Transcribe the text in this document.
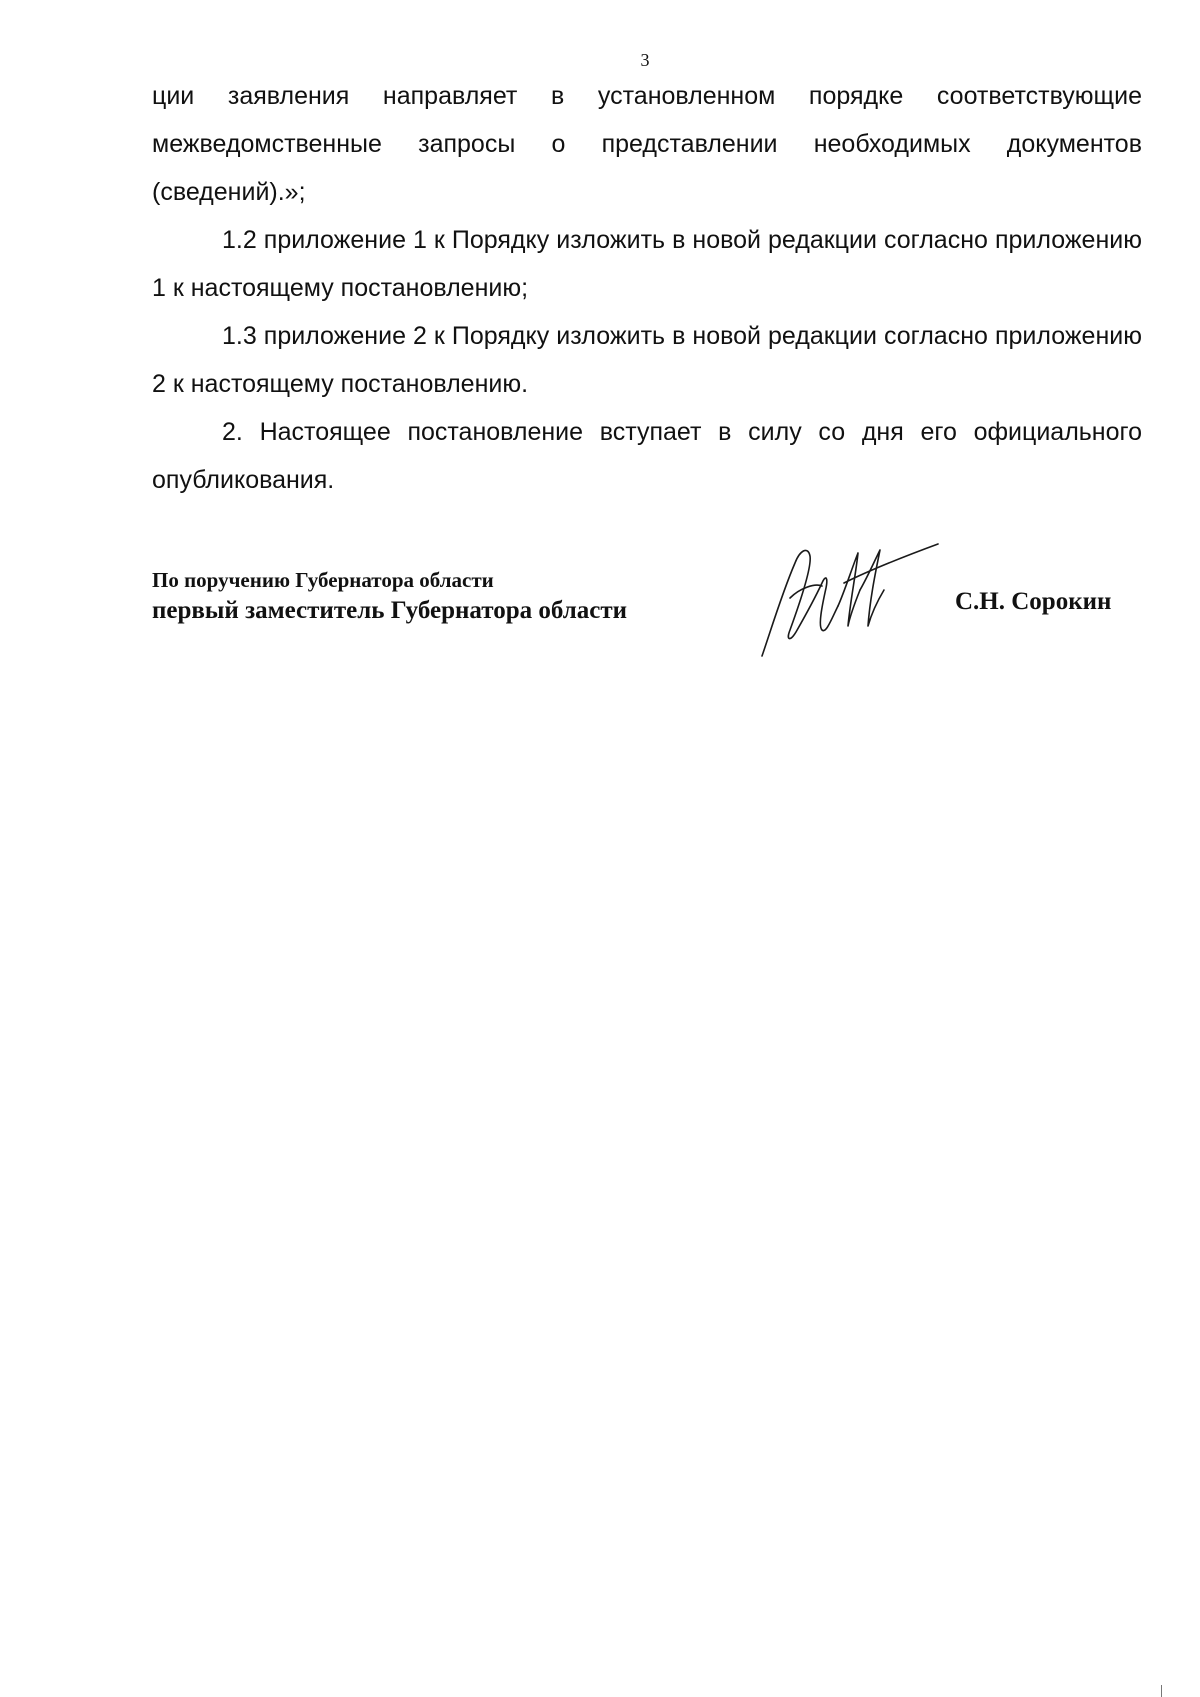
3

ции заявления направляет в установленном порядке соответствующие межведомственные запросы о представлении необходимых документов (сведений).»;

1.2 приложение 1 к Порядку изложить в новой редакции согласно приложению 1 к настоящему постановлению;

1.3 приложение 2 к Порядку изложить в новой редакции согласно приложению 2 к настоящему постановлению.

2. Настоящее постановление вступает в силу со дня его официального опубликования.

По поручению Губернатора области
первый заместитель Губернатора области	С.Н. Сорокин
